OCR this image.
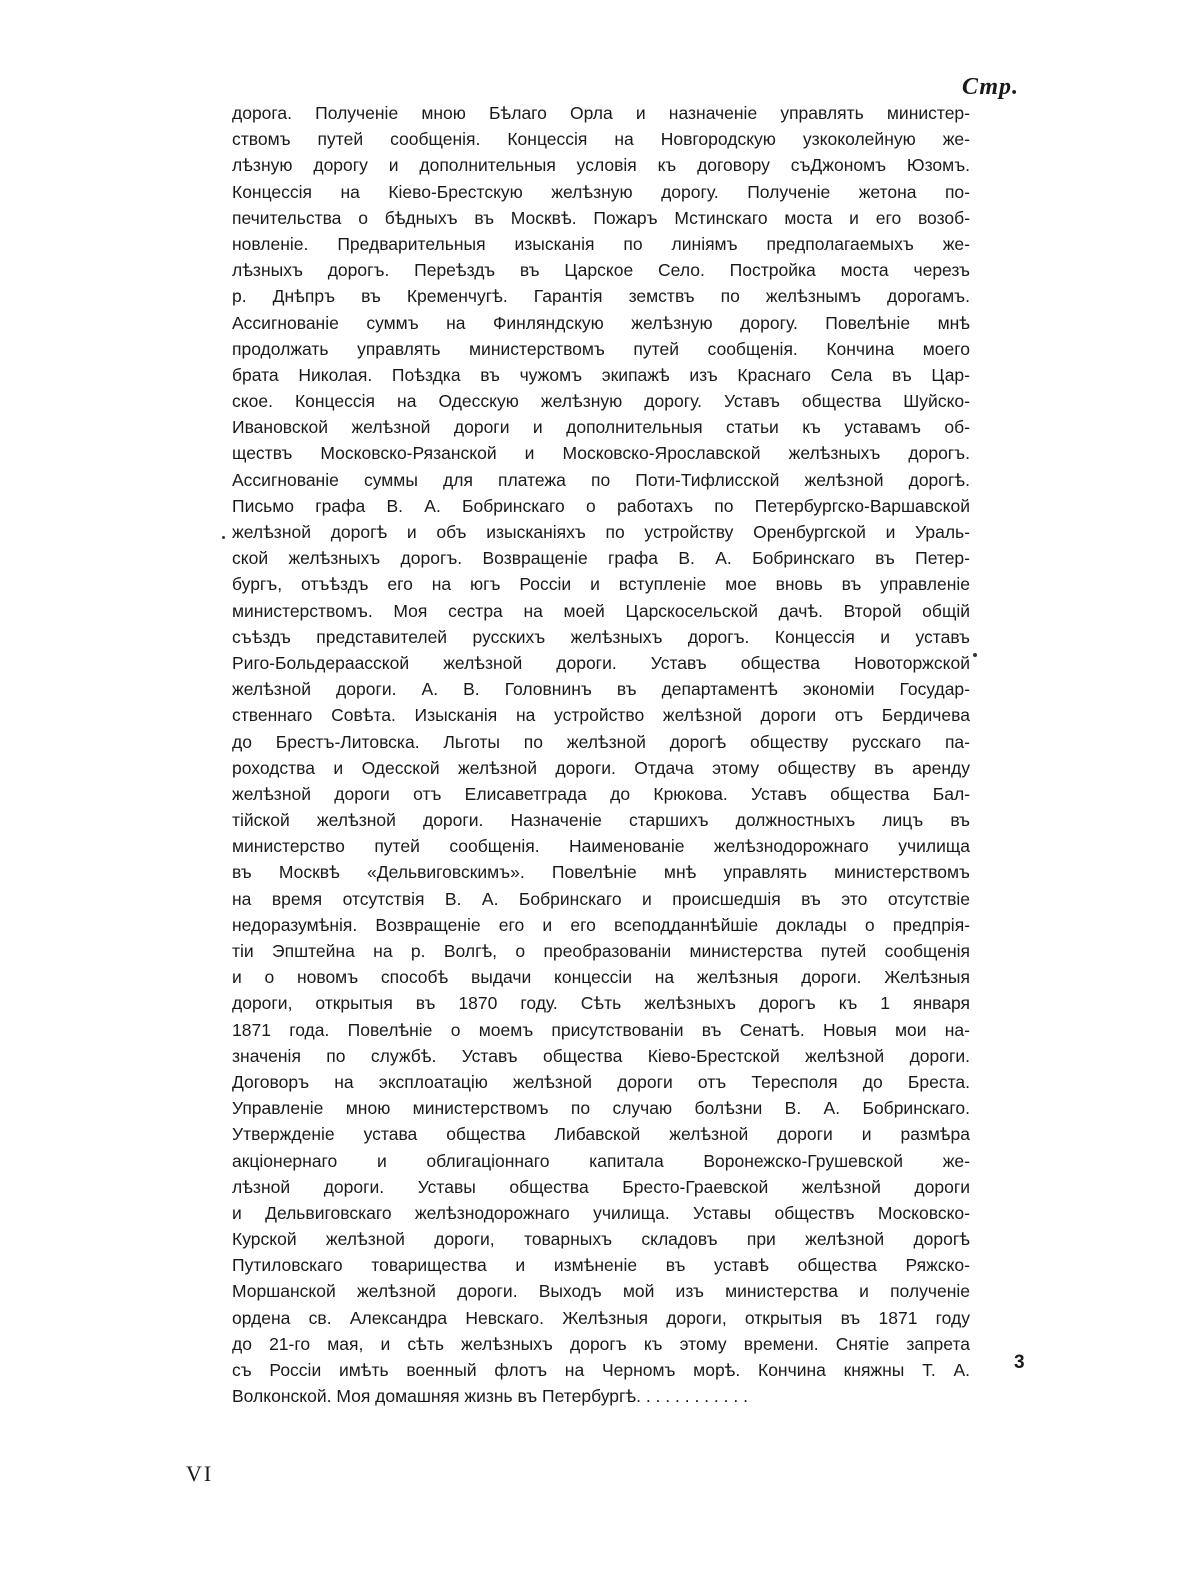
Стр.
дорога. Полученіе мною Бѣлаго Орла и назначеніе управлять министер-
ствомъ путей сообщенія. Концессія на Новгородскую узкоколейную же-
лѣзную дорогу и дополнительныя условія къ договору съДжономъ Юзомъ.
Концессія на Кіево-Брестскую желѣзную дорогу. Полученіе жетона по-
печительства о бѣдныхъ въ Москвѣ. Пожаръ Мстинскаго моста и его возоб-
новленіе. Предварительныя изысканія по линіямъ предполагаемыхъ же-
лѣзныхъ дорогъ. Переѣздъ въ Царское Село. Постройка моста черезъ
р. Днѣпръ въ Кременчугѣ. Гарантія земствъ по желѣзнымъ дорогамъ.
Ассигнованіе суммъ на Финляндскую желѣзную дорогу. Повелѣніе мнѣ
продолжать управлять министерствомъ путей сообщенія. Кончина моего
брата Николая. Поѣздка въ чужомъ экипажѣ изъ Краснаго Села въ Цар-
ское. Концессія на Одесскую желѣзную дорогу. Уставъ общества Шуйско-
Ивановской желѣзной дороги и дополнительныя статьи къ уставамъ об-
ществъ Московско-Рязанской и Московско-Ярославской желѣзныхъ дорогъ.
Ассигнованіе суммы для платежа по Поти-Тифлисской желѣзной дорогѣ.
Письмо графа В. А. Бобринскаго о работахъ по Петербургско-Варшавской
желѣзной дорогѣ и объ изысканіяхъ по устройству Оренбургской и Ураль-
ской желѣзныхъ дорогъ. Возвращеніе графа В. А. Бобринскаго въ Петер-
бургъ, отъѣздъ его на югъ Россіи и вступленіе мое вновь въ управленіе
министерствомъ. Моя сестра на моей Царскосельской дачѣ. Второй общій
съѣздъ представителей русскихъ желѣзныхъ дорогъ. Концессія и уставъ
Риго-Больдераасской желѣзной дороги. Уставъ общества Новоторжской
желѣзной дороги. А. В. Головнинъ въ департаментѣ экономіи Государ-
ственнаго Совѣта. Изысканія на устройство желѣзной дороги отъ Бердичева
до Брестъ-Литовска. Льготы по желѣзной дорогѣ обществу русскаго па-
роходства и Одесской желѣзной дороги. Отдача этому обществу въ аренду
желѣзной дороги отъ Елисаветграда до Крюкова. Уставъ общества Бал-
тійской желѣзной дороги. Назначеніе старшихъ должностныхъ лицъ въ
министерство путей сообщенія. Наименованіе желѣзнодорожнаго училища
въ Москвѣ «Дельвиговскимъ». Повелѣніе мнѣ управлять министерствомъ
на время отсутствія В. А. Бобринскаго и происшедшія въ это отсутствіе
недоразумѣнія. Возвращеніе его и его всеподданнѣйшіе доклады о предпрія-
тіи Эпштейна на р. Волгѣ, о преобразованіи министерства путей сообщенія
и о новомъ способѣ выдачи концессіи на желѣзныя дороги. Желѣзныя
дороги, открытыя въ 1870 году. Сѣть желѣзныхъ дорогъ къ 1 января
1871 года. Повелѣніе о моемъ присутствованіи въ Сенатѣ. Новыя мои на-
значенія по службѣ. Уставъ общества Кіево-Брестской желѣзной дороги.
Договоръ на эксплоатацію желѣзной дороги отъ Тересполя до Бреста.
Управленіе мною министерствомъ по случаю болѣзни В. А. Бобринскаго.
Утвержденіе устава общества Либавской желѣзной дороги и размѣра
акціонернаго и облигаціоннаго капитала Воронежско-Грушевской же-
лѣзной дороги. Уставы общества Бресто-Граевской желѣзной дороги
и Дельвиговскаго желѣзнодорожнаго училища. Уставы обществъ Московско-
Курской желѣзной дороги, товарныхъ складовъ при желѣзной дорогѣ
Путиловскаго товарищества и измѣненіе въ уставѣ общества Ряжско-
Моршанской желѣзной дороги. Выходъ мой изъ министерства и полученіе
ордена св. Александра Невскаго. Желѣзныя дороги, открытыя въ 1871 году
до 21-го мая, и сѣть желѣзныхъ дорогъ къ этому времени. Снятіе запрета
съ Россіи имѣть военный флотъ на Черномъ морѣ. Кончина княжны Т. А.
Волконской. Моя домашняя жизнь въ Петербургѣ. . . . . . . . . . . .
3
VI
